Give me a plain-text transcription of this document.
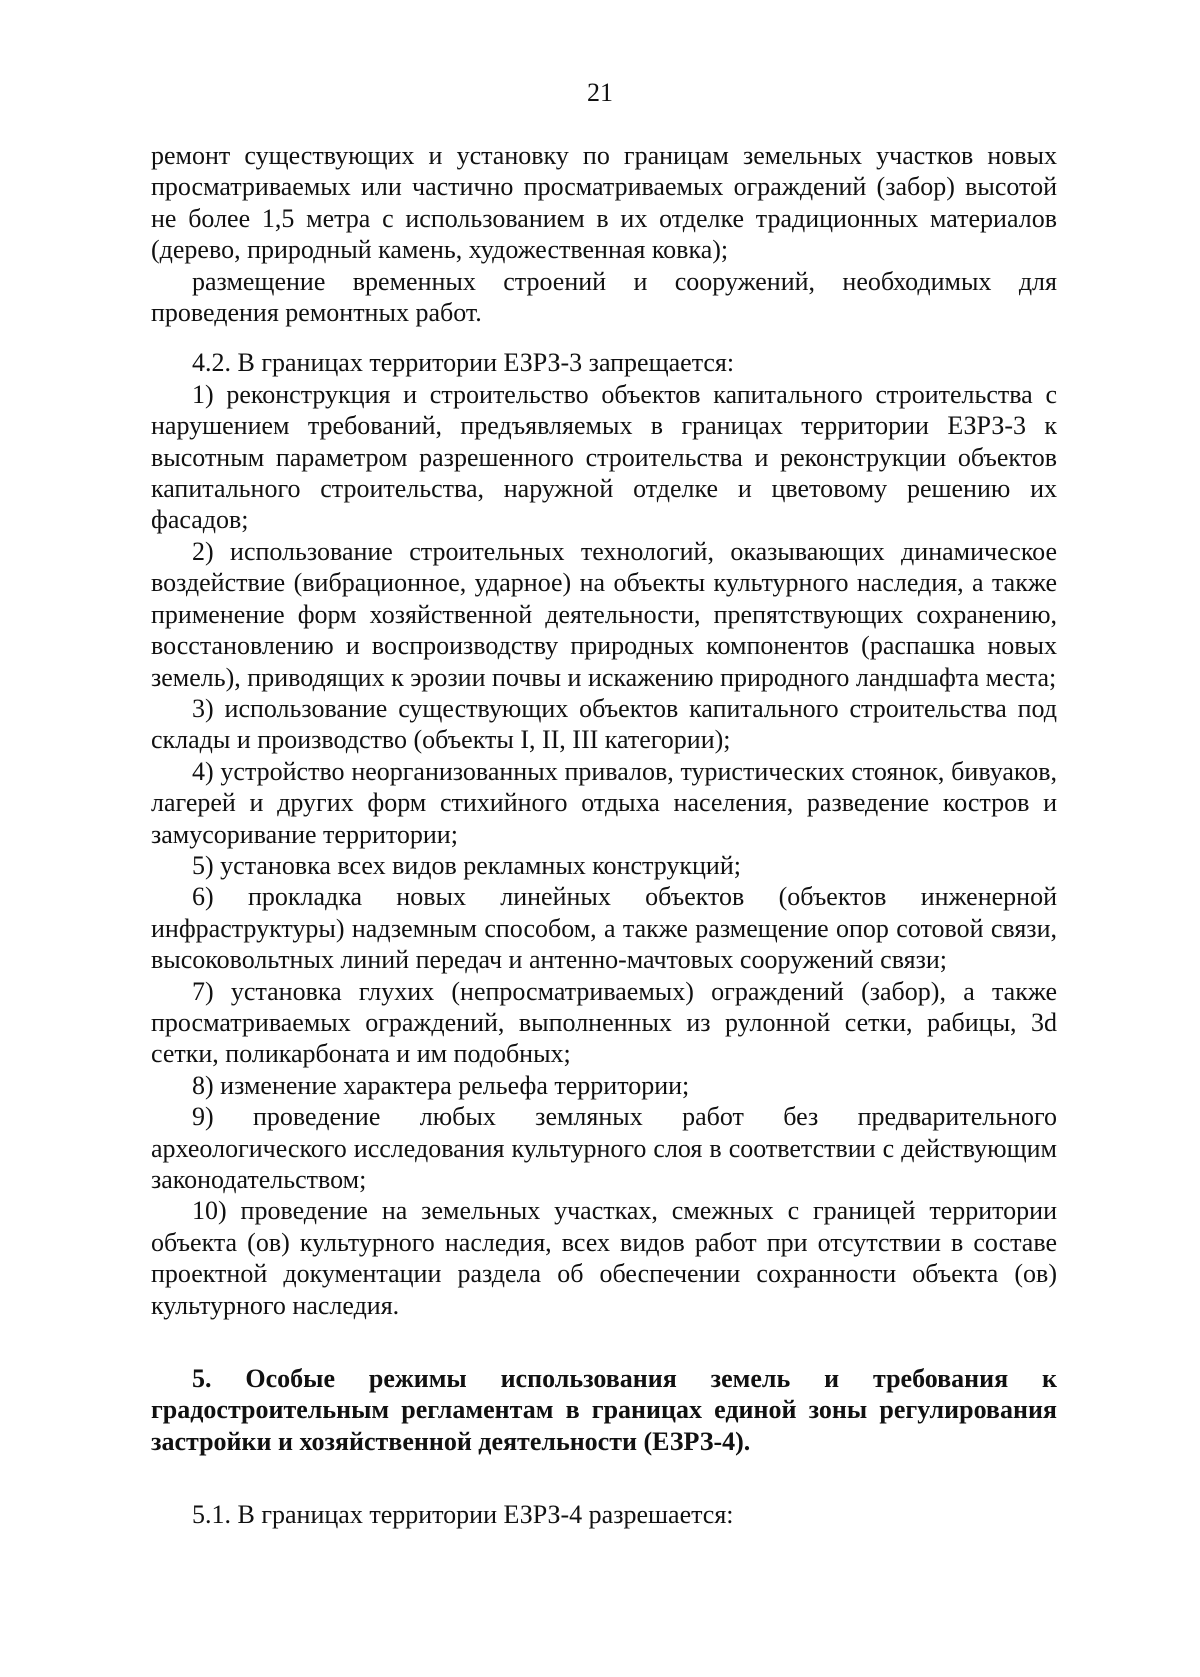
21

ремонт существующих и установку по границам земельных участков новых просматриваемых или частично просматриваемых ограждений (забор) высотой не более 1,5 метра с использованием в их отделке традиционных материалов (дерево, природный камень, художественная ковка);

размещение временных строений и сооружений, необходимых для проведения ремонтных работ.

4.2. В границах территории ЕЗРЗ-3 запрещается:

1) реконструкция и строительство объектов капитального строительства с нарушением требований, предъявляемых в границах территории ЕЗРЗ-3 к высотным параметром разрешенного строительства и реконструкции объектов капитального строительства, наружной отделке и цветовому решению их фасадов;

2) использование строительных технологий, оказывающих динамическое воздействие (вибрационное, ударное) на объекты культурного наследия, а также применение форм хозяйственной деятельности, препятствующих сохранению, восстановлению и воспроизводству природных компонентов (распашка новых земель), приводящих к эрозии почвы и искажению природного ландшафта места;

3) использование существующих объектов капитального строительства под склады и производство (объекты I, II, III категории);

4) устройство неорганизованных привалов, туристических стоянок, бивуаков, лагерей и других форм стихийного отдыха населения, разведение костров и замусоривание территории;

5) установка всех видов рекламных конструкций;

6) прокладка новых линейных объектов (объектов инженерной инфраструктуры) надземным способом, а также размещение опор сотовой связи, высоковольтных линий передач и антенно-мачтовых сооружений связи;

7) установка глухих (непросматриваемых) ограждений (забор), а также просматриваемых ограждений, выполненных из рулонной сетки, рабицы, 3d сетки, поликарбоната и им подобных;

8) изменение характера рельефа территории;

9) проведение любых земляных работ без предварительного археологического исследования культурного слоя в соответствии с действующим законодательством;

10) проведение на земельных участках, смежных с границей территории объекта (ов) культурного наследия, всех видов работ при отсутствии в составе проектной документации раздела об обеспечении сохранности объекта (ов) культурного наследия.

5. Особые режимы использования земель и требования к градостроительным регламентам в границах единой зоны регулирования застройки и хозяйственной деятельности (ЕЗРЗ-4).

5.1. В границах территории ЕЗРЗ-4 разрешается:
